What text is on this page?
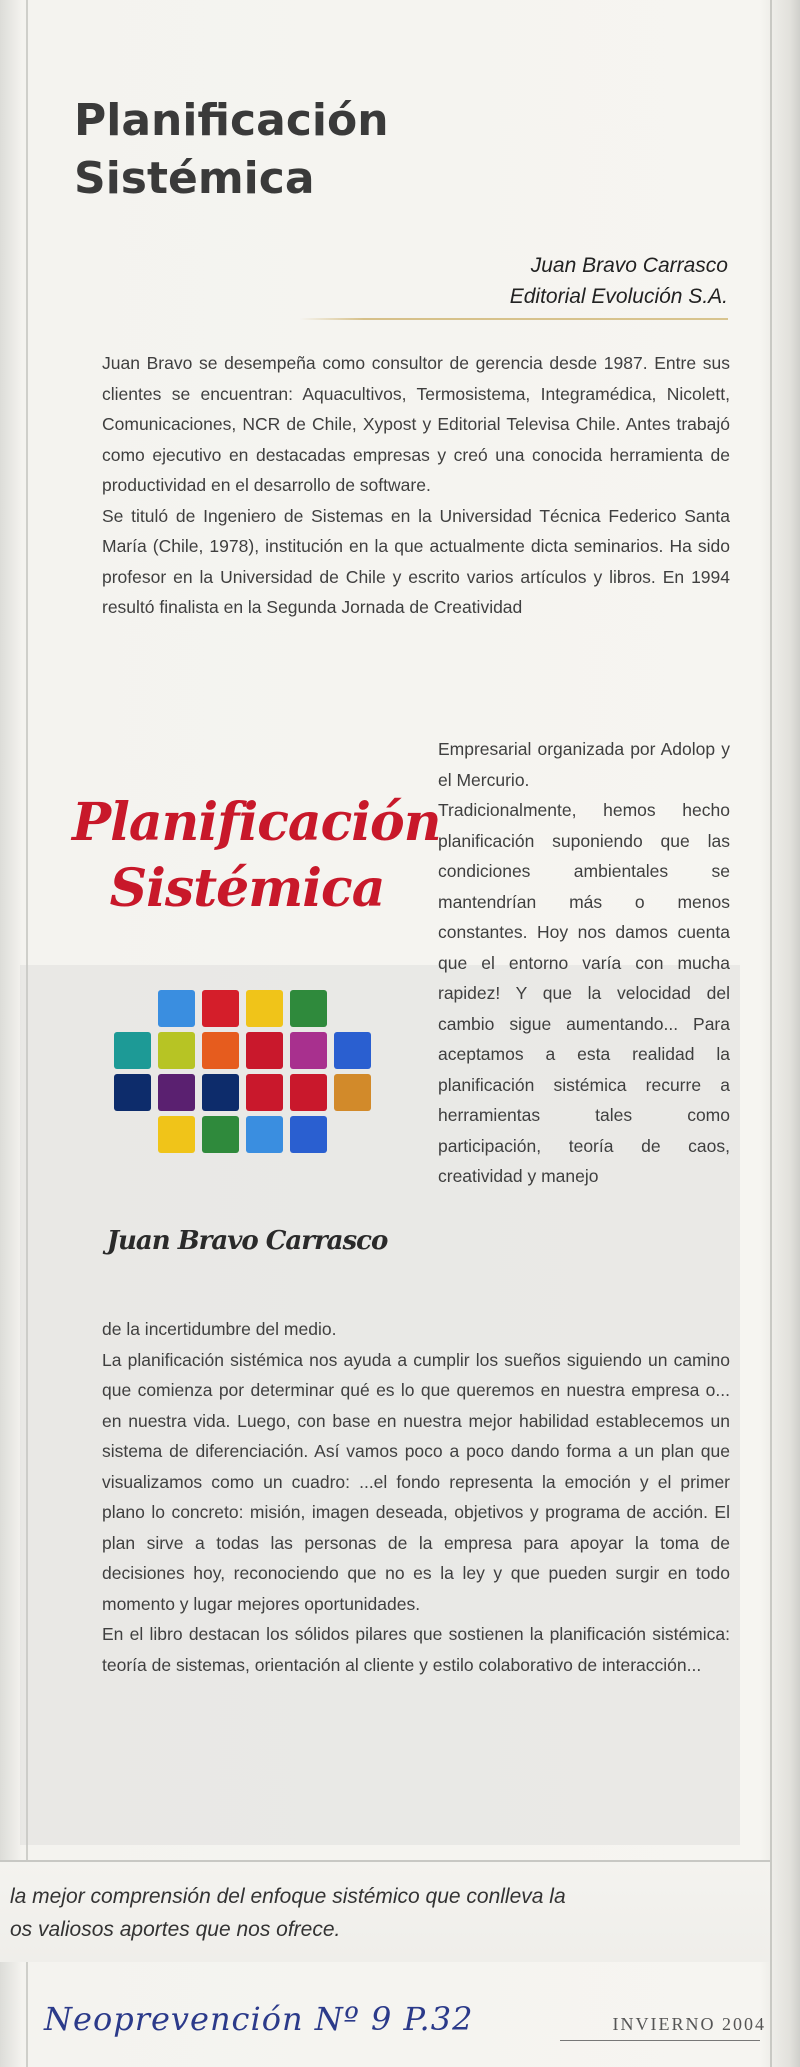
Planificación Sistémica
Juan Bravo Carrasco
Editorial Evolución S.A.

Juan Bravo se desempeña como consultor de gerencia desde 1987. Entre sus clientes se encuentran: Aquacultivos, Termosistema, Integramédica, Nicolett, Comunicaciones, NCR de Chile, Xypost y Editorial Televisa Chile. Antes trabajó como ejecutivo en destacadas empresas y creó una conocida herramienta de productividad en el desarrollo de software.

Se tituló de Ingeniero de Sistemas en la Universidad Técnica Federico Santa María (Chile, 1978), institución en la que actualmente dicta seminarios. Ha sido profesor en la Universidad de Chile y escrito varios artículos y libros. En 1994 resultó finalista en la Segunda Jornada de Creatividad

Planificación
Sistémica
Juan Bravo Carrasco

Empresarial organizada por Adolop y el Mercurio.

Tradicionalmente, hemos hecho planificación suponiendo que las condiciones ambientales se mantendrían más o menos constantes. Hoy nos damos cuenta que el entorno varía con mucha rapidez! Y que la velocidad del cambio sigue aumentando... Para aceptamos a esta realidad la planificación sistémica recurre a herramientas tales como participación, teoría de caos, creatividad y manejo

de la incertidumbre del medio.

La planificación sistémica nos ayuda a cumplir los sueños siguiendo un camino que comienza por determinar qué es lo que queremos en nuestra empresa o... en nuestra vida. Luego, con base en nuestra mejor habilidad establecemos un sistema de diferenciación. Así vamos poco a poco dando forma a un plan que visualizamos como un cuadro: ...el fondo representa la emoción y el primer plano lo concreto: misión, imagen deseada, objetivos y programa de acción. El plan sirve a todas las personas de la empresa para apoyar la toma de decisiones hoy, reconociendo que no es la ley y que pueden surgir en todo momento y lugar mejores oportunidades.

En el libro destacan los sólidos pilares que sostienen la planificación sistémica: teoría de sistemas, orientación al cliente y estilo colaborativo de interacción...

la mejor comprensión del enfoque sistémico que conlleva la
os valiosos aportes que nos ofrece.
Neoprevención Nº 9 P.32	INVIERNO 2004
